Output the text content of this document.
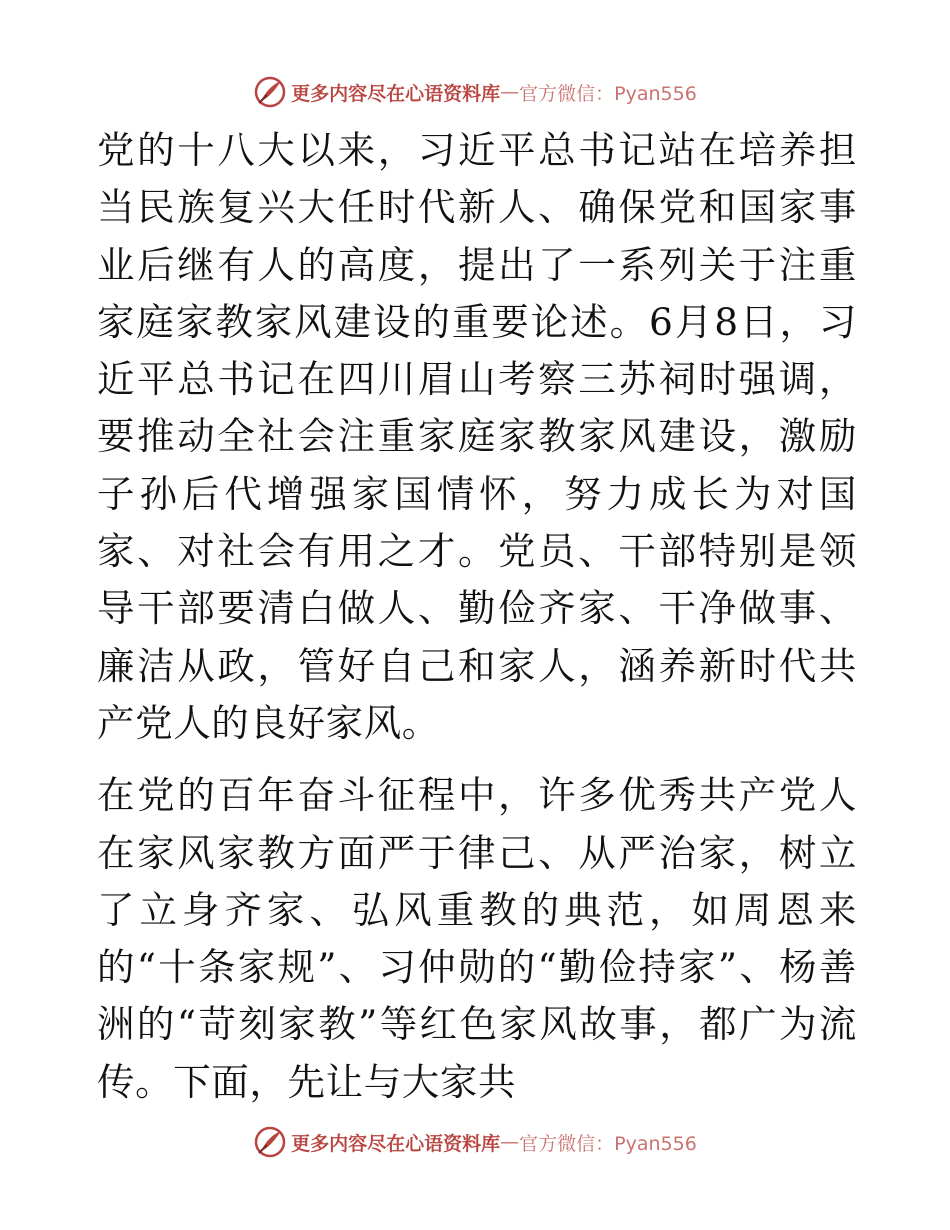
更多内容尽在心语资料库 — 官方微信：Pyan556

党的十八大以来，习近平总书记站在培养担当民族复兴大任时代新人、确保党和国家事业后继有人的高度，提出了一系列关于注重家庭家教家风建设的重要论述。6月8日，习近平总书记在四川眉山考察三苏祠时强调，要推动全社会注重家庭家教家风建设，激励子孙后代增强家国情怀，努力成长为对国家、对社会有用之才。党员、干部特别是领导干部要清白做人、勤俭齐家、干净做事、廉洁从政，管好自己和家人，涵养新时代共产党人的良好家风。

在党的百年奋斗征程中，许多优秀共产党人在家风家教方面严于律己、从严治家，树立了立身齐家、弘风重教的典范，如周恩来的“十条家规”、习仲勋的“勤俭持家”、杨善洲的“苛刻家教”等红色家风故事，都广为流传。下面，先让与大家共

更多内容尽在心语资料库 — 官方微信：Pyan556
